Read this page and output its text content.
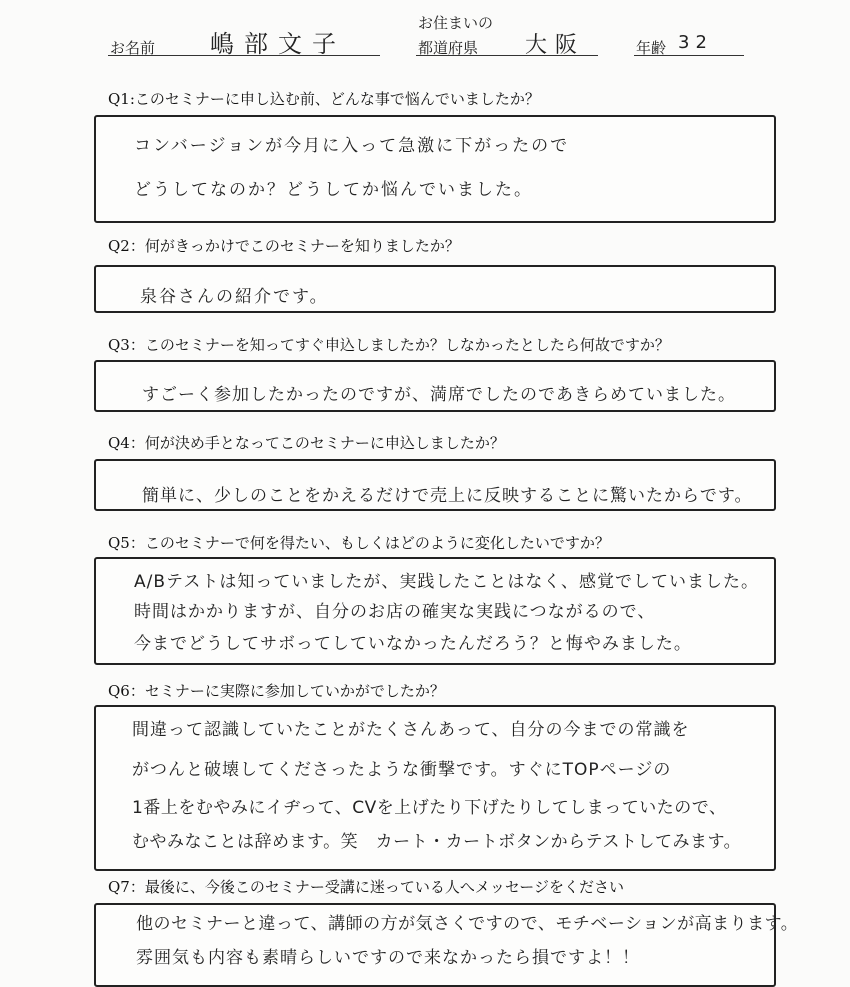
お名前 嶋部文子
お住まいの
都道府県 大阪	年齢 32
Q1:このセミナーに申し込む前、どんな事で悩んでいましたか？
コンバージョンが今月に入って急激に下がったので
どうしてなのか？どうしてか悩んでいました。
Q2：何がきっかけでこのセミナーを知りましたか？
泉谷さんの紹介です。
Q3：このセミナーを知ってすぐ申込しましたか？しなかったとしたら何故ですか？
すごーく参加したかったのですが、満席でしたのであきらめていました。
Q4：何が決め手となってこのセミナーに申込しましたか？
簡単に、少しのことをかえるだけで売上に反映することに驚いたからです。
Q5：このセミナーで何を得たい、もしくはどのように変化したいですか？
A/Bテストは知っていましたが、実践したことはなく、感覚でしていました。
時間はかかりますが、自分のお店の確実な実践につながるので、
今までどうしてサボってしていなかったんだろう？と悔やみました。
Q6：セミナーに実際に参加していかがでしたか？
間違って認識していたことがたくさんあって、自分の今までの常識を
がつんと破壊してくださったような衝撃です。すぐにTOPページの
1番上をむやみにイヂって、CVを上げたり下げたりしてしまっていたので、
むやみなことは辞めます。笑　カート・カートボタンからテストしてみます。
Q7：最後に、今後このセミナー受講に迷っている人へメッセージをください
他のセミナーと違って、講師の方が気さくですので、モチベーションが高まります。
雰囲気も内容も素晴らしいですので来なかったら損ですよ！！
